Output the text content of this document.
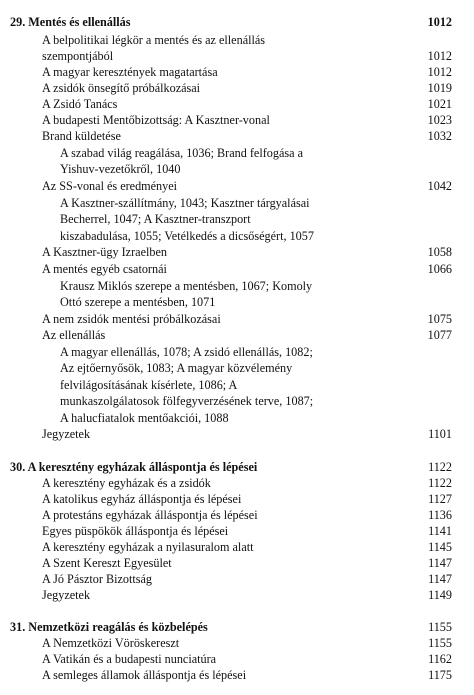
29. Mentés és ellenállás	1012
A belpolitikai légkör a mentés és az ellenállás
szempontjából	1012
A magyar keresztények magatartása	1012
A zsidók önsegítő próbálkozásai	1019
A Zsidó Tanács	1021
A budapesti Mentőbizottság: A Kasztner-vonal	1023
Brand küldetése	1032
A szabad világ reagálása, 1036; Brand felfogása a
Yishuv-vezetőkről, 1040
Az SS-vonal és eredményei	1042
A Kasztner-szállítmány, 1043; Kasztner tárgyalásai
Becherrel, 1047; A Kasztner-transzport
kiszabadulása, 1055; Vetélkedés a dicsőségért, 1057
A Kasztner-ügy Izraelben	1058
A mentés egyéb csatornái	1066
Krausz Miklós szerepe a mentésben, 1067; Komoly
Ottó szerepe a mentésben, 1071
A nem zsidók mentési próbálkozásai	1075
Az ellenállás	1077
A magyar ellenállás, 1078; A zsidó ellenállás, 1082;
Az ejtőernyősök, 1083; A magyar közvélemény
felvilágosításának kísérlete, 1086; A
munkaszolgálatosok fölfegyverzésének terve, 1087;
A halucfiatalok mentőakciói, 1088
Jegyzetek	1101
30. A keresztény egyházak álláspontja és lépései	1122
A keresztény egyházak és a zsidók	1122
A katolikus egyház álláspontja és lépései	1127
A protestáns egyházak álláspontja és lépései	1136
Egyes püspökök álláspontja és lépései	1141
A keresztény egyházak a nyilasuralom alatt	1145
A Szent Kereszt Egyesület	1147
A Jó Pásztor Bizottság	1147
Jegyzetek	1149
31. Nemzetközi reagálás és közbelépés	1155
A Nemzetközi Vöröskereszt	1155
A Vatikán és a budapesti nunciatúra	1162
A semleges államok álláspontja és lépései	1175
